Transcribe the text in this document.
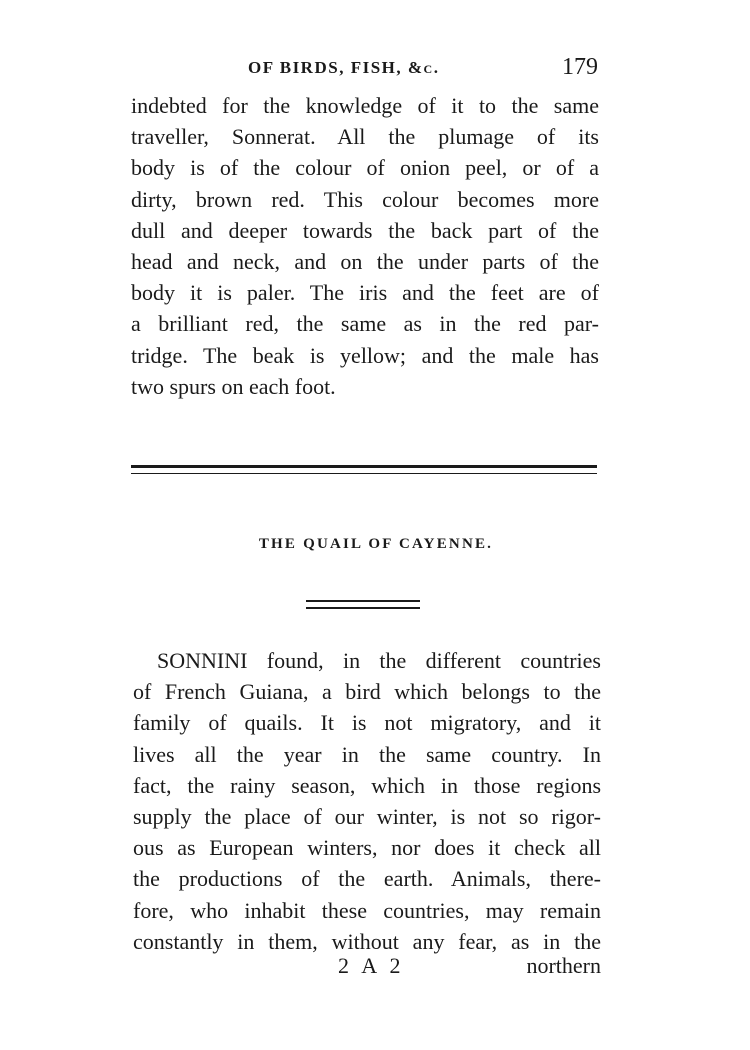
OF BIRDS, FISH, &c.	179
indebted for the knowledge of it to the same
traveller, Sonnerat. All the plumage of its
body is of the colour of onion peel, or of a
dirty, brown red. This colour becomes more
dull and deeper towards the back part of the
head and neck, and on the under parts of the
body it is paler. The iris and the feet are of
a brilliant red, the same as in the red par-
tridge. The beak is yellow; and the male has
two spurs on each foot.
THE QUAIL OF CAYENNE.
SONNINI found, in the different countries
of French Guiana, a bird which belongs to the
family of quails. It is not migratory, and it
lives all the year in the same country. In
fact, the rainy season, which in those regions
supply the place of our winter, is not so rigor-
ous as European winters, nor does it check all
the productions of the earth. Animals, there-
fore, who inhabit these countries, may remain
constantly in them, without any fear, as in the
2 A 2	northern
